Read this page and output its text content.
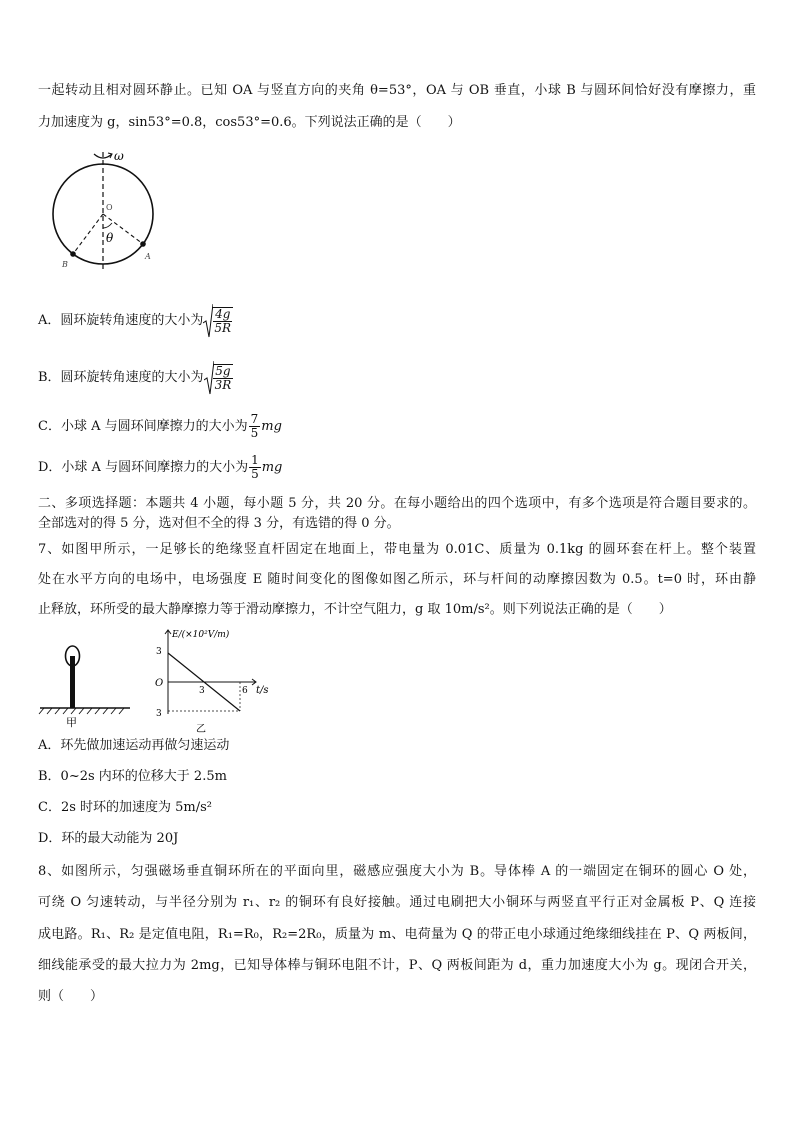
一起转动且相对圆环静止。已知 OA 与竖直方向的夹角 θ=53°，OA 与 OB 垂直，小球 B 与圆环间恰好没有摩擦力，重
力加速度为 g，sin53°=0.8，cos53°=0.6。下列说法正确的是（　　）
ω
θ
O
A
B
A．圆环旋转角速度的大小为 $\frac{4g}{5R}$
B．圆环旋转角速度的大小为 $\frac{5g}{3R}$
C．小球 A 与圆环间摩擦力的大小为 $\frac{7}{5}$ mg
D．小球 A 与圆环间摩擦力的大小为 $\frac{1}{5}$ mg
二、多项选择题：本题共 4 小题，每小题 5 分，共 20 分。在每小题给出的四个选项中，有多个选项是符合题目要求的。
全部选对的得 5 分，选对但不全的得 3 分，有选错的得 0 分。
7、如图甲所示，一足够长的绝缘竖直杆固定在地面上，带电量为 0.01C、质量为 0.1kg 的圆环套在杆上。整个装置
处在水平方向的电场中，电场强度 E 随时间变化的图像如图乙所示，环与杆间的动摩擦因数为 0.5。t=0 时，环由静
止释放，环所受的最大静摩擦力等于滑动摩擦力，不计空气阻力，g 取 10m/s²。则下列说法正确的是（　　）
甲
E/(×10²V/m)
t/s
O
3
3
3	6
乙
A．环先做加速运动再做匀速运动
B．0~2s 内环的位移大于 2.5m
C．2s 时环的加速度为 5m/s²
D．环的最大动能为 20J
8、如图所示，匀强磁场垂直铜环所在的平面向里，磁感应强度大小为 B。导体棒 A 的一端固定在铜环的圆心 O 处，
可绕 O 匀速转动，与半径分别为 r₁、r₂ 的铜环有良好接触。通过电刷把大小铜环与两竖直平行正对金属板 P、Q 连接
成电路。R₁、R₂ 是定值电阻，R₁=R₀，R₂=2R₀，质量为 m、电荷量为 Q 的带正电小球通过绝缘细线挂在 P、Q 两板间，
细线能承受的最大拉力为 2mg，已知导体棒与铜环电阻不计，P、Q 两板间距为 d，重力加速度大小为 g。现闭合开关，
则（　　）
